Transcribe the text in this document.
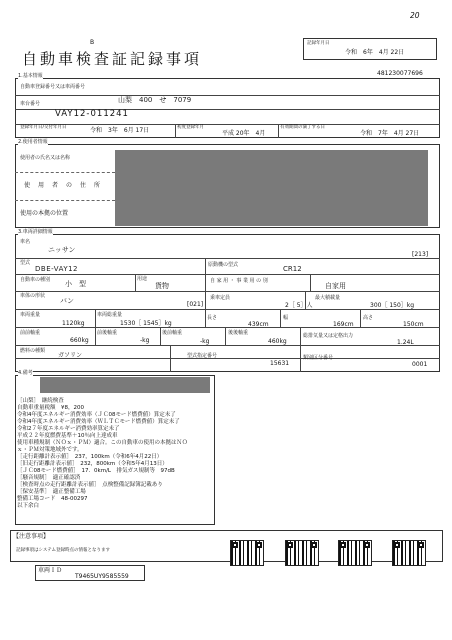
20
B
自動車検査証記録事項
記録年月日
令和　6年　4月 22日
481230077696
1.基本情報
自動車登録番号又は車両番号
山梨　400　せ　7079
車台番号
VAY12-011241
登録年月日/交付年月日	令和　3年　6月 17日	初度登録年月
平成 20年　4月
有効期間の満了する日
令和　7年　4月 27日
2.使用者情報
使用者の氏名又は名称
使　用　者　の　住　所
使用の本拠の位置
3.車両詳細情報
車名
ニッサン
[213]
型式
DBE-VAY12	原動機の型式	CR12
自動車の種別 小　型
用途
貨物
自 家 用 ・ 事 業 用 の 別
自家用
車体の形状
バン	[021]
乗車定員
2［ 5］人
最大積載量
300［ 150］kg
車両重量
1120kg
車両総重量
1530［ 1545］kg
長さ
439cm
幅
169cm
高さ
150cm
前前軸重
660kg
前後軸重
-kg
後前軸重
-kg
後後軸重
460kg
総排気量又は定格出力
1.24L
燃料の種類
ガソリン	型式指定番号
15631
類別区分番号
0001
4.備考
［山梨］　継続検査
自動車重量税額　¥8，200
令和4年度エネルギー消費効率（ＪＣ08モード燃費値）算定未了
令和4年度エネルギー消費効率（ＷＬＴＣモード燃費値）算定未了
令和2７年度エネルギー消費効率算定未了
平成２２年度燃費基準＋10％向上達成車
使用車種規制（ＮＯｘ・ＰＭ）適合。この自動車の使用の本拠はＮＯ
ｘ・ＰＭ対策地域外です。
［走行距離計表示値］　237，100km（令和6年4月22日）
［旧走行距離計表示値］　232，800km（令和5年4月13日）
［ＪＣ08モード燃費値］　17．0km/L　排気ガス規制等　97dB
［騒音規制］　適正確認済
［検査時点の走行距離計表示値］　点検整備記録簿記載あり
［保安基準］　適正整備工場
整備工場コード　48-00297
以下余白
【注意事項】
記録事項はシステム登録時点の情報となります
車両ＩＤ
T9465UY9585559
